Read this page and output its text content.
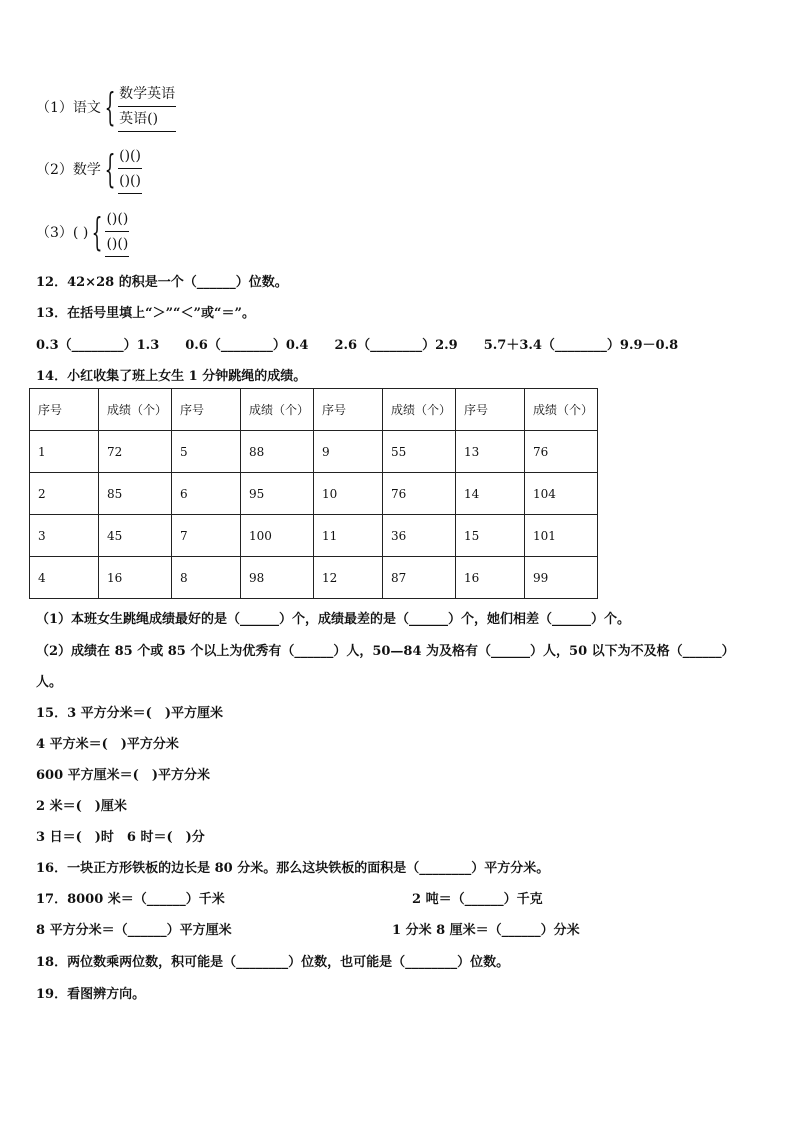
（1）语文 { 数学英语
英语()
（2）数学 { ()()
()()
（3）( ) { ()()
()()
12．42×28 的积是一个（______）位数。
13．在括号里填上“＞”“＜”或“＝”。
0.3（________）1.3　　0.6（________）0.4　　2.6（________）2.9　　5.7＋3.4（________）9.9－0.8
14．小红收集了班上女生 1 分钟跳绳的成绩。
序号	成绩（个）	序号	成绩（个）	序号	成绩（个）	序号	成绩（个）
1	72	5	88	9	55	13	76
2	85	6	95	10	76	14	104
3	45	7	100	11	36	15	101
4	16	8	98	12	87	16	99
（1）本班女生跳绳成绩最好的是（______）个，成绩最差的是（______）个，她们相差（______）个。
（2）成绩在 85 个或 85 个以上为优秀有（______）人，50—84 为及格有（______）人，50 以下为不及格（______）
人。
15．3 平方分米＝(　)平方厘米
4 平方米＝(　)平方分米
600 平方厘米＝(　)平方分米
2 米＝(　)厘米
3 日＝(　)时　6 时＝(　)分
16．一块正方形铁板的边长是 80 分米。那么这块铁板的面积是（________）平方分米。
17．8000 米＝（______）千米	2 吨＝（______）千克
8 平方分米＝（______）平方厘米	1 分米 8 厘米＝（______）分米
18．两位数乘两位数，积可能是（________）位数，也可能是（________）位数。
19．看图辨方向。
